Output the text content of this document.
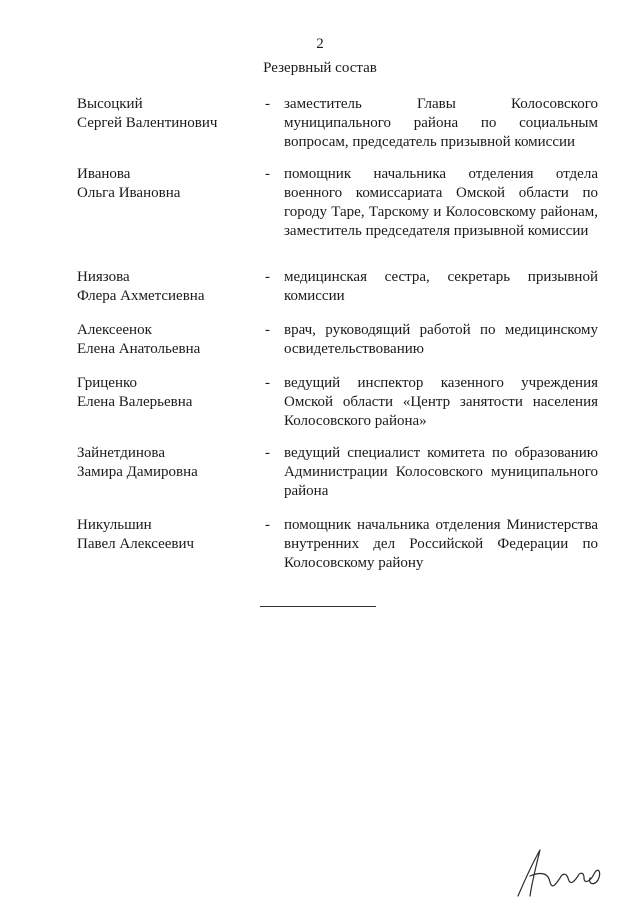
2
Резервный состав
Высоцкий
Сергей Валентинович
- заместитель Главы Колосовского муниципального района по социальным вопросам, председатель призывной комиссии
Иванова
Ольга Ивановна
- помощник начальника отделения отдела военного комиссариата Омской области по городу Таре, Тарскому и Колосовскому районам, заместитель председателя призывной комиссии
Ниязова
Флера Ахметсиевна
- медицинская сестра, секретарь призывной комиссии
Алексеенок
Елена Анатольевна
- врач, руководящий работой по медицинскому освидетельствованию
Гриценко
Елена Валерьевна
- ведущий инспектор казенного учреждения Омской области «Центр занятости населения Колосовского района»
Зайнетдинова
Замира Дамировна
- ведущий специалист комитета по образованию Администрации Колосовского муниципального района
Никульшин
Павел Алексеевич
- помощник начальника отделения Министерства внутренних дел Российской Федерации по Колосовскому району
